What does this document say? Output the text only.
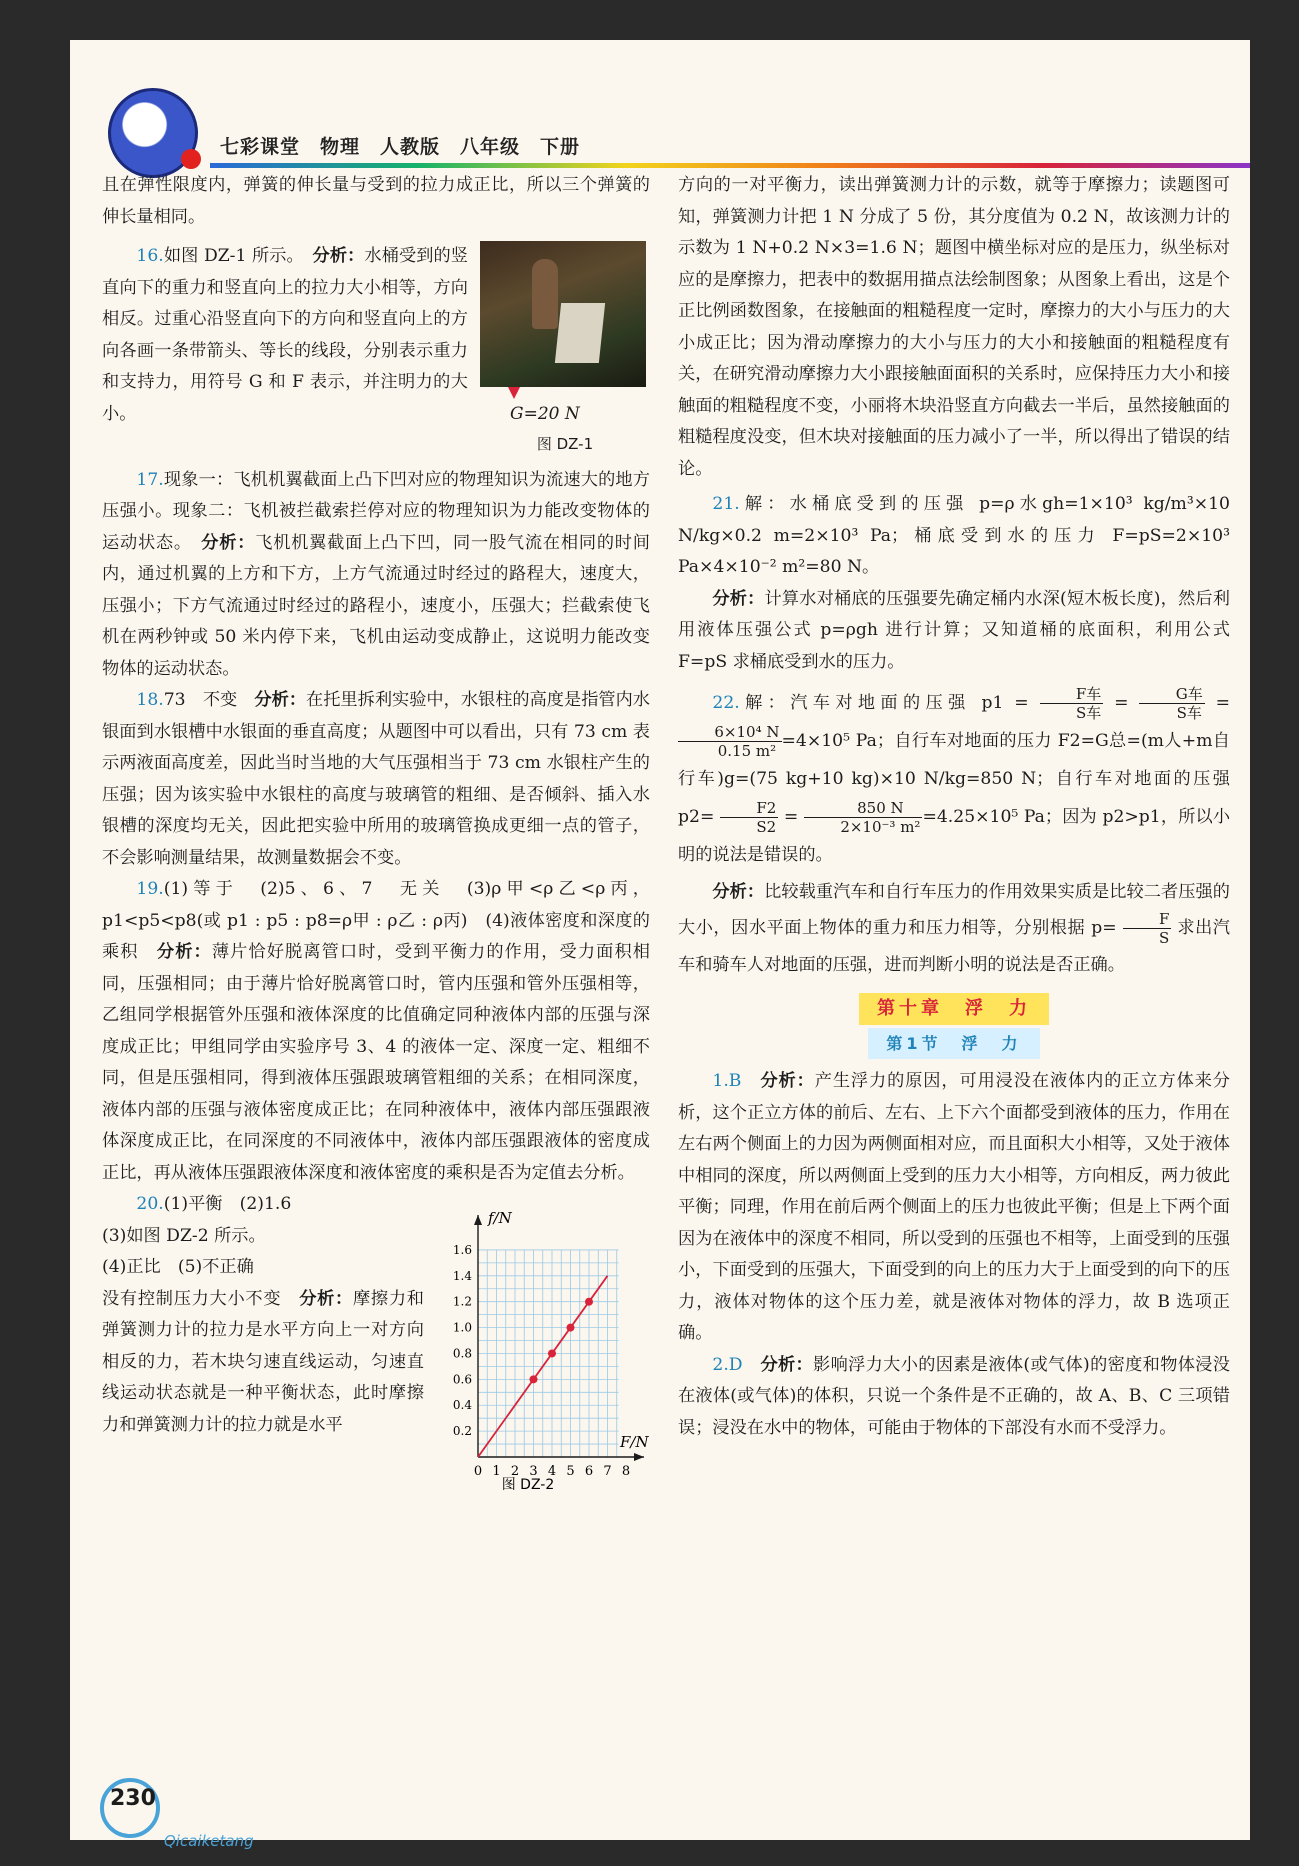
七彩课堂　物理　人教版　八年级　下册

且在弹性限度内，弹簧的伸长量与受到的拉力成正比，所以三个弹簧的伸长量相同。

G=20 N
图 DZ-1

16.如图 DZ-1 所示。　 分析：水桶受到的竖直向下的重力和竖直向上的拉力大小相等，方向相反。过重心沿竖直向下的方向和竖直向上的方向各画一条带箭头、等长的线段，分别表示重力和支持力，用符号 G 和 F 表示，并注明力的大小。

17.现象一：飞机机翼截面上凸下凹对应的物理知识为流速大的地方压强小。现象二：飞机被拦截索拦停对应的物理知识为力能改变物体的运动状态。　 分析：飞机机翼截面上凸下凹，同一股气流在相同的时间内，通过机翼的上方和下方，上方气流通过时经过的路程大，速度大，压强小；下方气流通过时经过的路程小，速度小，压强大；拦截索使飞机在两秒钟或 50 米内停下来，飞机由运动变成静止，这说明力能改变物体的运动状态。

18.73　不变　 分析：在托里拆利实验中，水银柱的高度是指管内水银面到水银槽中水银面的垂直高度；从题图中可以看出，只有 73 cm 表示两液面高度差，因此当时当地的大气压强相当于 73 cm 水银柱产生的压强；因为该实验中水银柱的高度与玻璃管的粗细、是否倾斜、插入水银槽的深度均无关，因此把实验中所用的玻璃管换成更细一点的管子，不会影响测量结果，故测量数据会不变。

19.(1)等于　(2)5、6、7　无关　(3)ρ甲<ρ乙<ρ丙，p1<p5<p8(或 p1 : p5 : p8=ρ甲 : ρ乙 : ρ丙)　(4)液体密度和深度的乘积　 分析：薄片恰好脱离管口时，受到平衡力的作用，受力面积相同，压强相同；由于薄片恰好脱离管口时，管内压强和管外压强相等，乙组同学根据管外压强和液体深度的比值确定同种液体内部的压强与深度成正比；甲组同学由实验序号 3、4 的液体一定、深度一定、粗细不同，但是压强相同，得到液体压强跟玻璃管粗细的关系；在相同深度，液体内部的压强与液体密度成正比；在同种液体中，液体内部压强跟液体深度成正比，在同深度的不同液体中，液体内部压强跟液体的密度成正比，再从液体压强跟液体深度和液体密度的乘积是否为定值去分析。

0 1 2 3 4 5 6 7 8
0.2
0.4
0.6
0.8
1.0
1.2
1.4
1.6
f/N
F/N
图 DZ-2

20.(1)平衡　(2)1.6

(3)如图 DZ-2 所示。

(4)正比　(5)不正确

没有控制压力大小不变　 分析：摩擦力和弹簧测力计的拉力是水平方向上一对方向相反的力，若木块匀速直线运动，匀速直线运动状态就是一种平衡状态，此时摩擦力和弹簧测力计的拉力就是水平

方向的一对平衡力，读出弹簧测力计的示数，就等于摩擦力；读题图可知，弹簧测力计把 1 N 分成了 5 份，其分度值为 0.2 N，故该测力计的示数为 1 N+0.2 N×3=1.6 N；题图中横坐标对应的是压力，纵坐标对应的是摩擦力，把表中的数据用描点法绘制图象；从图象上看出，这是个正比例函数图象，在接触面的粗糙程度一定时，摩擦力的大小与压力的大小成正比；因为滑动摩擦力的大小与压力的大小和接触面的粗糙程度有关，在研究滑动摩擦力大小跟接触面面积的关系时，应保持压力大小和接触面的粗糙程度不变，小丽将木块沿竖直方向截去一半后，虽然接触面的粗糙程度没变，但木块对接触面的压力减小了一半，所以得出了错误的结论。

21.解：水桶底受到的压强 p=ρ水gh=1×10³ kg/m³×10 N/kg×0.2 m=2×10³ Pa；桶底受到水的压力 F=pS=2×10³ Pa×4×10⁻² m²=80 N。

分析：计算水对桶底的压强要先确定桶内水深(短木板长度)，然后利用液体压强公式 p=ρgh 进行计算；又知道桶的底面积，利用公式 F=pS 求桶底受到水的压力。

22.解：汽车对地面的压强 $p1 = \frac{\text{F车}}{\text{S车}} = \frac{\text{G车}}{\text{S车}}$ =
$\frac{\text{6×10⁴ N}}{\text{0.15 m²}} =4\times 10^5$ Pa；自行车对地面的压力 F2=G总=(m人+m自行车)g=(75 kg+10 kg)×10 N/kg=850 N；自行车对地面的压强 $p2= \frac{F2}{S2} = \frac{850 N}{\text{2×10⁻³ m²}} =4.25\times 10^5$ Pa；因为 p2>p1，所以小明的说法是错误的。

分析：比较载重汽车和自行车压力的作用效果实质是比较二者压强的大小，因水平面上物体的重力和压力相等，分别根据 $p= \frac{F}{S}$ 求出汽车和骑车人对地面的压强，进而判断小明的说法是否正确。

第十章　浮　力
第1节　浮　力

1.B　 分析：产生浮力的原因，可用浸没在液体内的正立方体来分析，这个正立方体的前后、左右、上下六个面都受到液体的压力，作用在左右两个侧面上的力因为两侧面相对应，而且面积大小相等，又处于液体中相同的深度，所以两侧面上受到的压力大小相等，方向相反，两力彼此平衡；同理，作用在前后两个侧面上的压力也彼此平衡；但是上下两个面因为在液体中的深度不相同，所以受到的压强也不相等，上面受到的压强小，下面受到的压强大，下面受到的向上的压力大于上面受到的向下的压力，液体对物体的这个压力差，就是液体对物体的浮力，故 B 选项正确。

2.D　 分析：影响浮力大小的因素是液体(或气体)的密度和物体浸没在液体(或气体)的体积，只说一个条件是不正确的，故 A、B、C 三项错误；浸没在水中的物体，可能由于物体的下部没有水而不受浮力。

230
Qicaiketang
